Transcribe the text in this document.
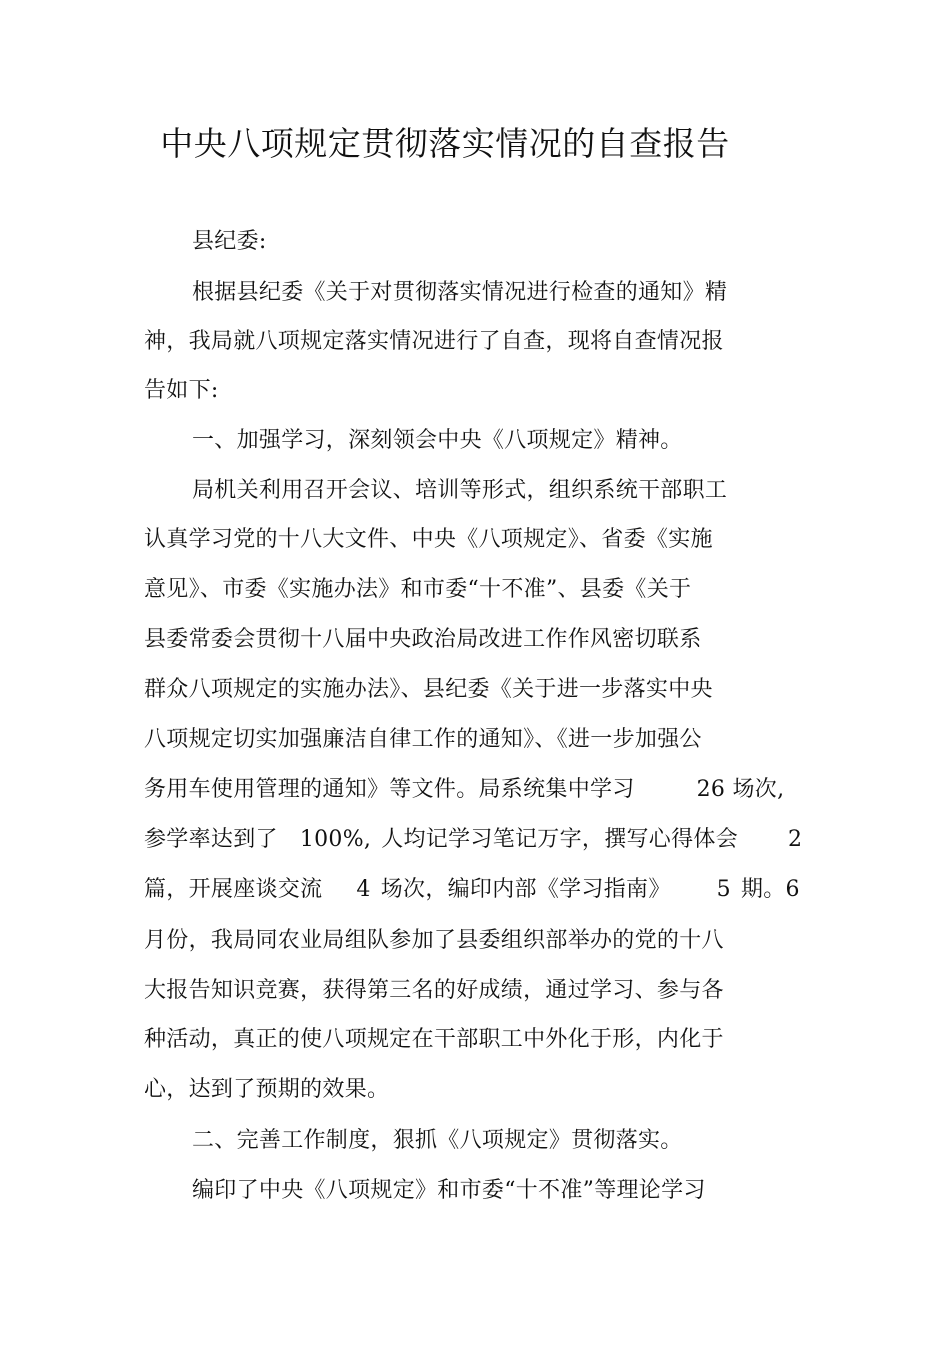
中央八项规定贯彻落实情况的自查报告
县纪委:
根据县纪委《关于对贯彻落实情况进行检查的通知》精
神，我局就八项规定落实情况进行了自查，现将自查情况报
告如下:
一、加强学习，深刻领会中央《八项规定》精神。
局机关利用召开会议、培训等形式，组织系统干部职工
认真学习党的十八大文件、中央《八项规定》、省委《实施
意见》、市委《实施办法》和市委“十不准”、县委《关于
县委常委会贯彻十八届中央政治局改进工作作风密切联系
群众八项规定的实施办法》、县纪委《关于进一步落实中央
八项规定切实加强廉洁自律工作的通知》、《进一步加强公
务用车使用管理的通知》等文件。局系统集中学习	26 场次,
参学率达到了 100%, 人均记学习笔记万字，撰写心得体会 2
篇，开展座谈交流 4 场次，编印内部《学习指南》 5 期。6
月份，我局同农业局组队参加了县委组织部举办的党的十八
大报告知识竞赛，获得第三名的好成绩，通过学习、参与各
种活动，真正的使八项规定在干部职工中外化于形，内化于
心，达到了预期的效果。
二、完善工作制度，狠抓《八项规定》贯彻落实。
编印了中央《八项规定》和市委“十不准”等理论学习
